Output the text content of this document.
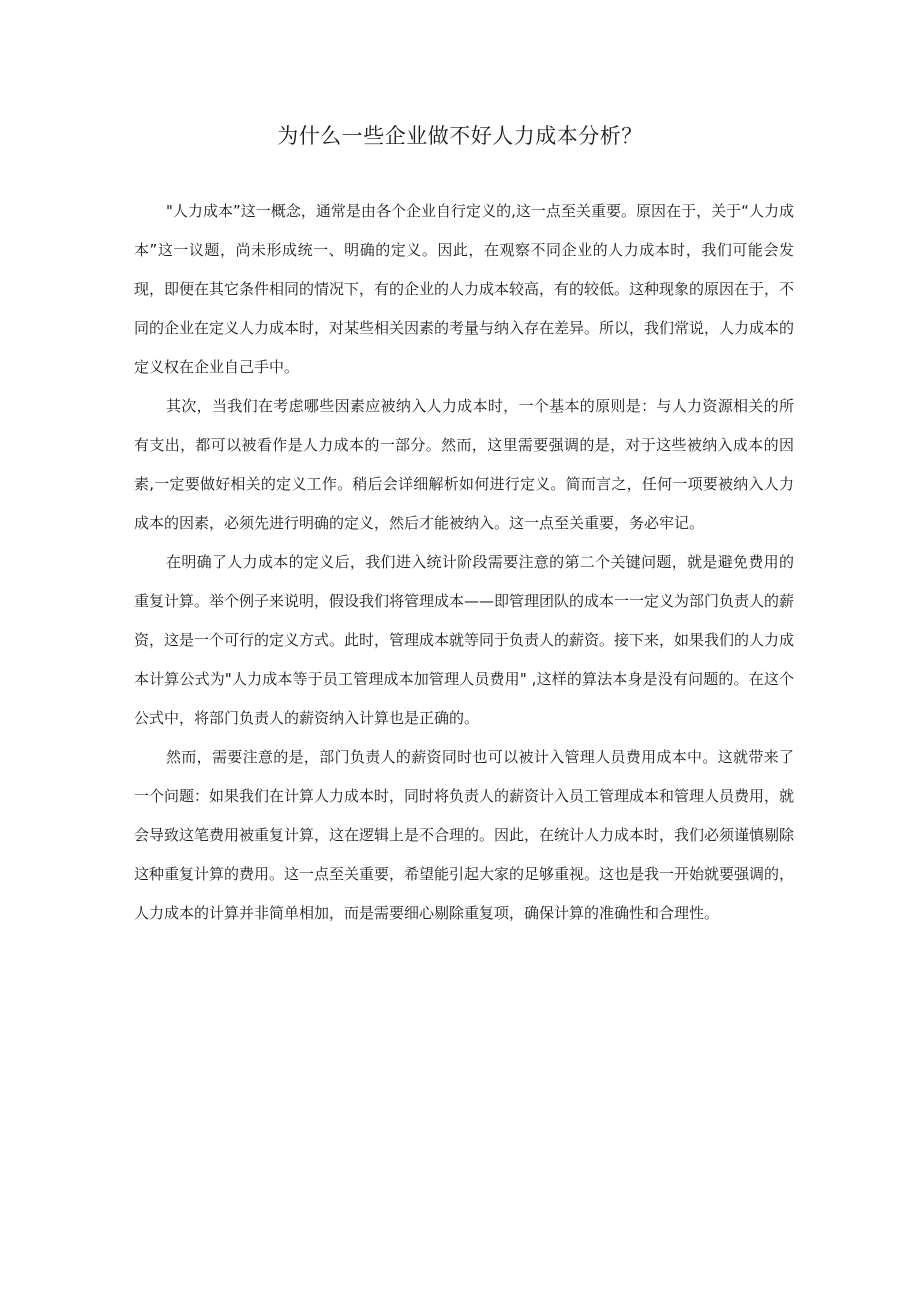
为什么一些企业做不好人力成本分析？

"人力成本”这一概念，通常是由各个企业自行定义的,这一点至关重要。原因在于，关于“人力成本”这一议题，尚未形成统一、明确的定义。因此，在观察不同企业的人力成本时，我们可能会发现，即便在其它条件相同的情况下，有的企业的人力成本较高，有的较低。这种现象的原因在于，不同的企业在定义人力成本时，对某些相关因素的考量与纳入存在差异。所以，我们常说，人力成本的定义权在企业自己手中。

其次，当我们在考虑哪些因素应被纳入人力成本时，一个基本的原则是：与人力资源相关的所有支出，都可以被看作是人力成本的一部分。然而，这里需要强调的是，对于这些被纳入成本的因素,一定要做好相关的定义工作。稍后会详细解析如何进行定义。简而言之，任何一项要被纳入人力成本的因素，必须先进行明确的定义，然后才能被纳入。这一点至关重要，务必牢记。

在明确了人力成本的定义后，我们进入统计阶段需要注意的第二个关键问题，就是避免费用的重复计算。举个例子来说明，假设我们将管理成本——即管理团队的成本一一定义为部门负责人的薪资，这是一个可行的定义方式。此时，管理成本就等同于负责人的薪资。接下来，如果我们的人力成本计算公式为"人力成本等于员工管理成本加管理人员费用" ,这样的算法本身是没有问题的。在这个公式中，将部门负责人的薪资纳入计算也是正确的。

然而，需要注意的是，部门负责人的薪资同时也可以被计入管理人员费用成本中。这就带来了一个问题：如果我们在计算人力成本时，同时将负责人的薪资计入员工管理成本和管理人员费用，就会导致这笔费用被重复计算，这在逻辑上是不合理的。因此，在统计人力成本时，我们必须谨慎剔除这种重复计算的费用。这一点至关重要，希望能引起大家的足够重视。这也是我一开始就要强调的，人力成本的计算并非简单相加，而是需要细心剔除重复项，确保计算的准确性和合理性。
